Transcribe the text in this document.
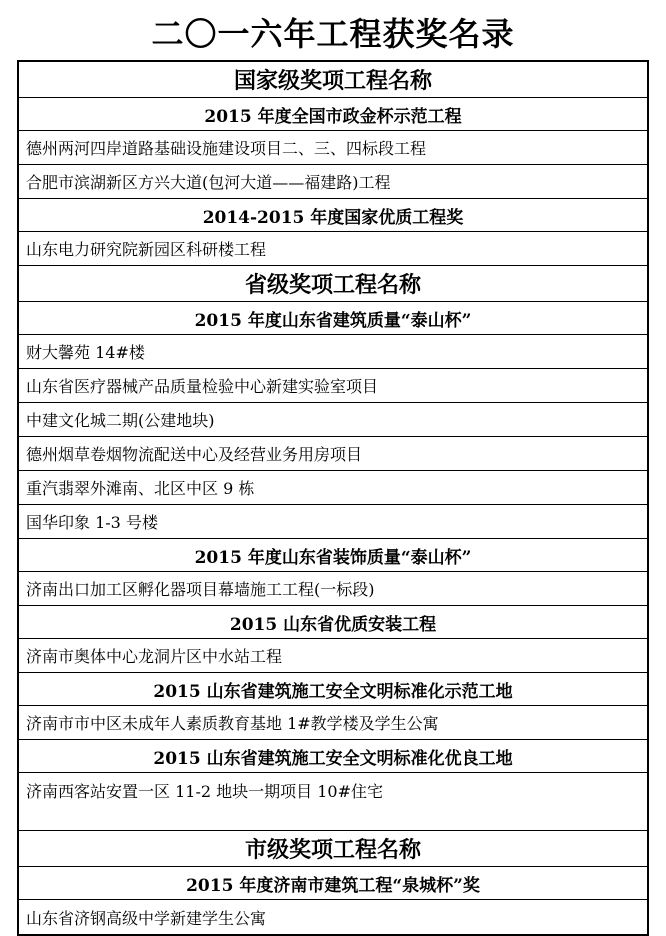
二〇一六年工程获奖名录
国家级奖项工程名称
2015 年度全国市政金杯示范工程
德州两河四岸道路基础设施建设项目二、三、四标段工程
合肥市滨湖新区方兴大道(包河大道——福建路)工程
2014-2015 年度国家优质工程奖
山东电力研究院新园区科研楼工程
省级奖项工程名称
2015 年度山东省建筑质量“泰山杯”
财大馨苑 14#楼
山东省医疗器械产品质量检验中心新建实验室项目
中建文化城二期(公建地块)
德州烟草卷烟物流配送中心及经营业务用房项目
重汽翡翠外滩南、北区中区 9 栋
国华印象 1-3 号楼
2015 年度山东省装饰质量“泰山杯”
济南出口加工区孵化器项目幕墙施工工程(一标段)
2015 山东省优质安装工程
济南市奥体中心龙洞片区中水站工程
2015 山东省建筑施工安全文明标准化示范工地
济南市市中区未成年人素质教育基地 1#教学楼及学生公寓
2015 山东省建筑施工安全文明标准化优良工地
济南西客站安置一区 11-2 地块一期项目 10#住宅
市级奖项工程名称
2015 年度济南市建筑工程“泉城杯”奖
山东省济钢高级中学新建学生公寓
